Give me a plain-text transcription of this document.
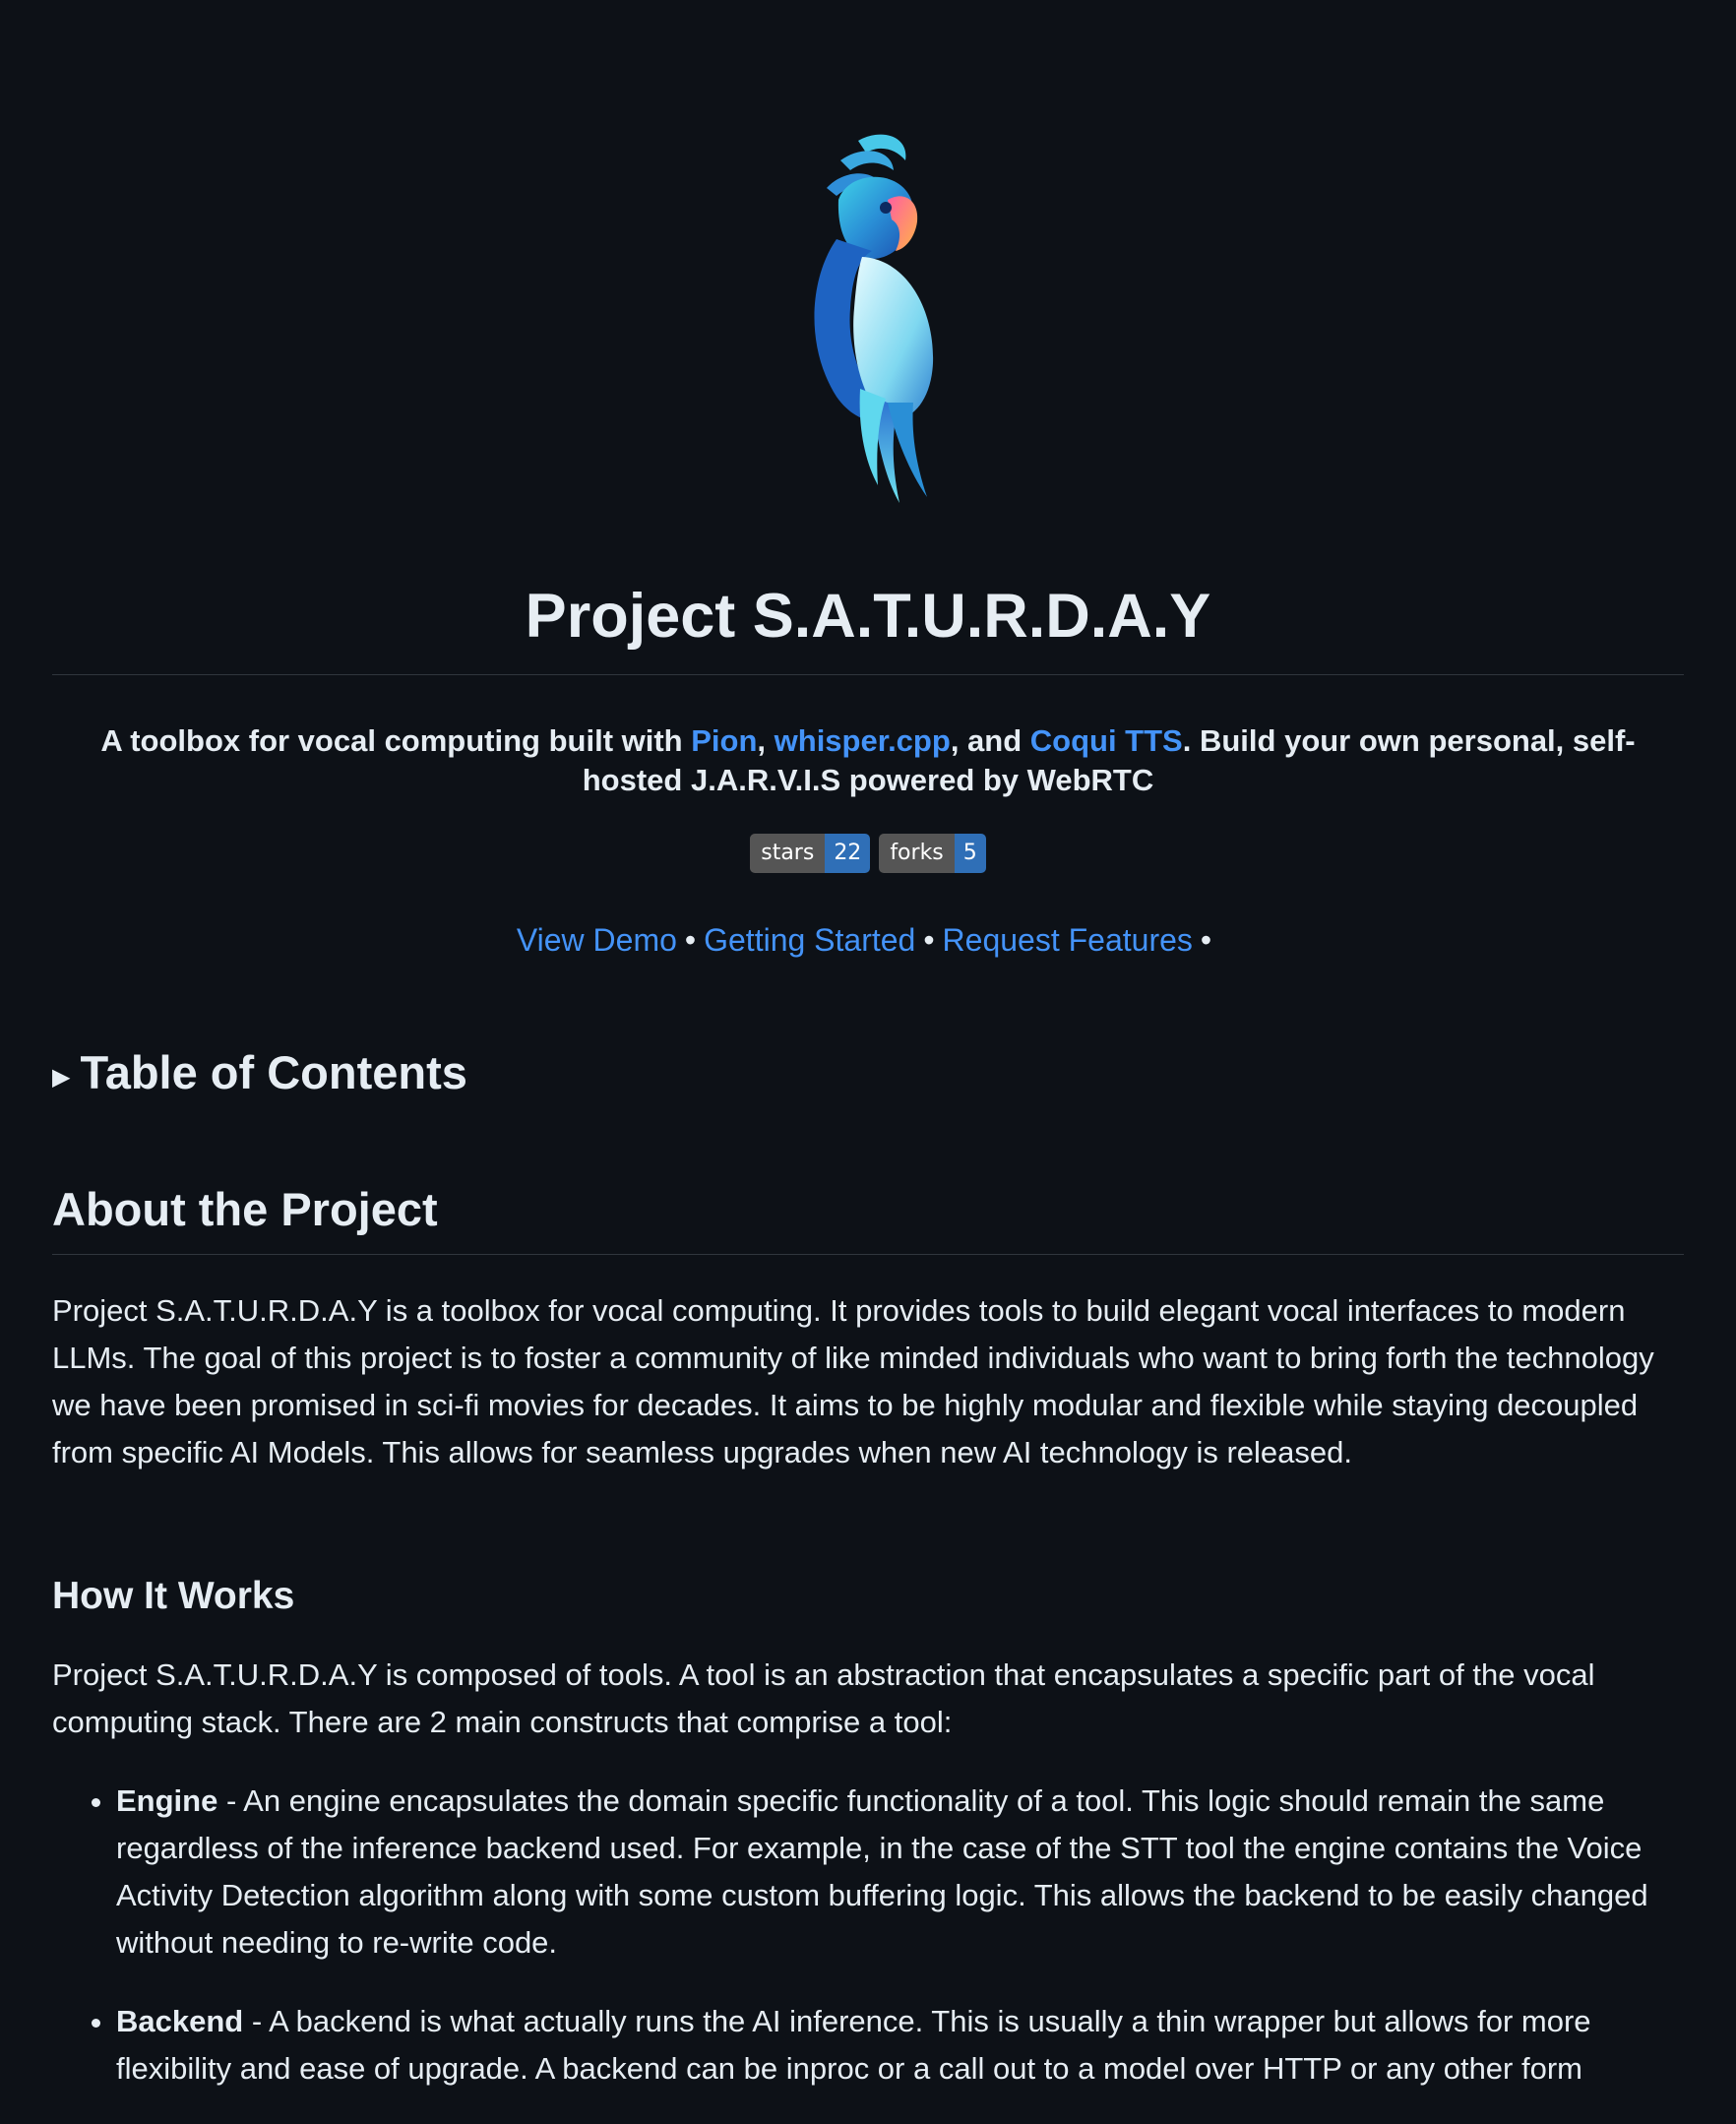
Project S.A.T.U.R.D.A.Y
A toolbox for vocal computing built with Pion, whisper.cpp, and Coqui TTS. Build your own personal, self-hosted J.A.R.V.I.S powered by WebRTC
stars 22	forks 5
View Demo • Getting Started • Request Features •
▶ Table of Contents
About the Project

Project S.A.T.U.R.D.A.Y is a toolbox for vocal computing. It provides tools to build elegant vocal interfaces to modern LLMs. The goal of this project is to foster a community of like minded individuals who want to bring forth the technology we have been promised in sci-fi movies for decades. It aims to be highly modular and flexible while staying decoupled from specific AI Models. This allows for seamless upgrades when new AI technology is released.

How It Works

Project S.A.T.U.R.D.A.Y is composed of tools. A tool is an abstraction that encapsulates a specific part of the vocal computing stack. There are 2 main constructs that comprise a tool:

• Engine - An engine encapsulates the domain specific functionality of a tool. This logic should remain the same regardless of the inference backend used. For example, in the case of the STT tool the engine contains the Voice Activity Detection algorithm along with some custom buffering logic. This allows the backend to be easily changed without needing to re-write code.
• Backend - A backend is what actually runs the AI inference. This is usually a thin wrapper but allows for more flexibility and ease of upgrade. A backend can be inproc or a call out to a model over HTTP or any other form
